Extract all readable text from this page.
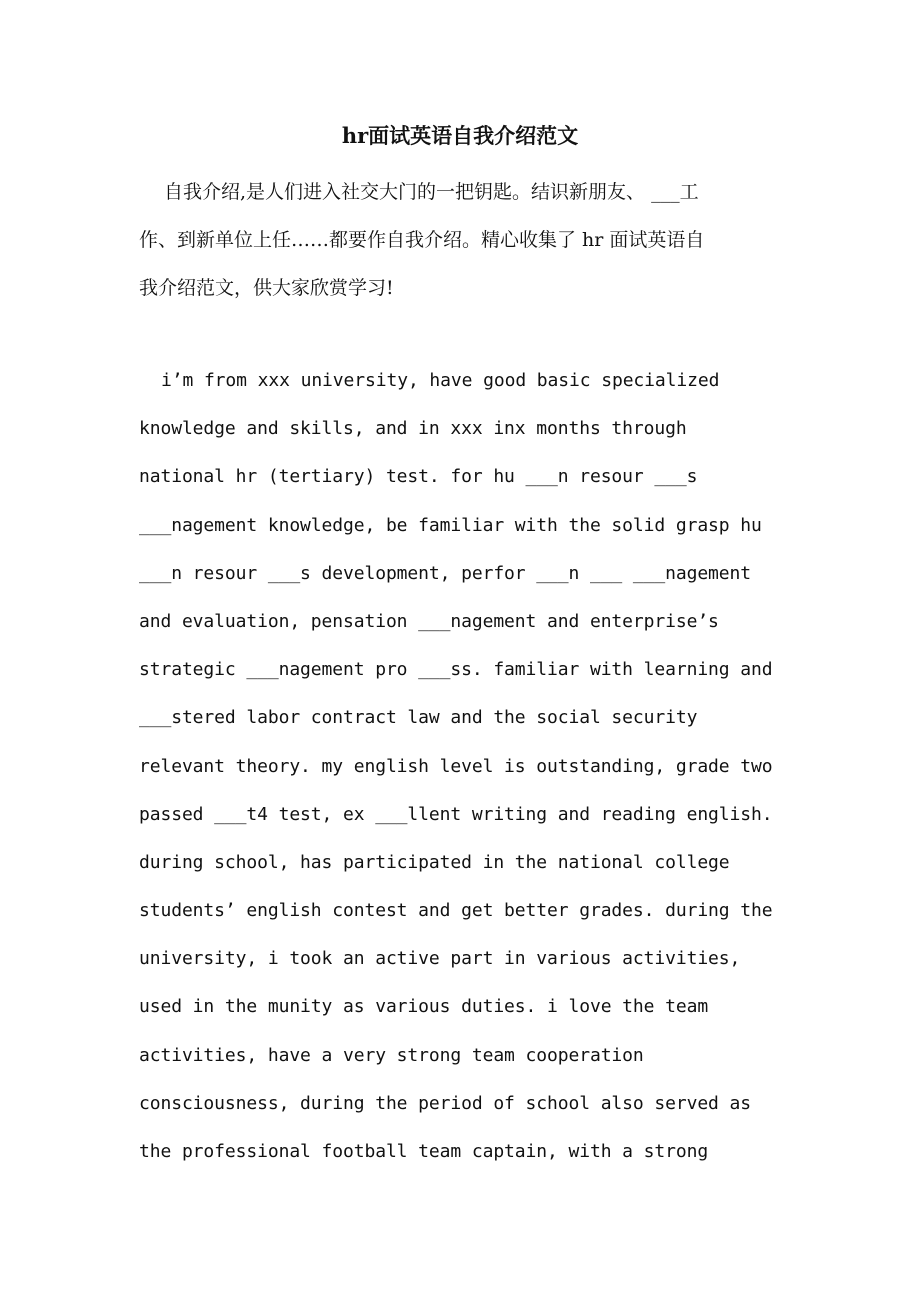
hr面试英语自我介绍范文
自我介绍,是人们进入社交大门的一把钥匙。结识新朋友、 ___工
作、到新单位上任……都要作自我介绍。精心收集了 hr 面试英语自
我介绍范文，供大家欣赏学习!
i’m from xxx university, have good basic specialized
knowledge and skills, and in xxx inx months through
national hr (tertiary) test. for hu ___n resour ___s
___nagement knowledge, be familiar with the solid grasp hu
___n resour ___s development, perfor ___n ___ ___nagement
and evaluation, pensation ___nagement and enterprise’s
strategic ___nagement pro ___ss. familiar with learning and
___stered labor contract law and the social security
relevant theory. my english level is outstanding, grade two
passed ___t4 test, ex ___llent writing and reading english.
during school, has participated in the national college
students’ english contest and get better grades. during the
university, i took an active part in various activities,
used in the munity as various duties. i love the team
activities, have a very strong team cooperation
consciousness, during the period of school also served as
the professional football team captain, with a strong
